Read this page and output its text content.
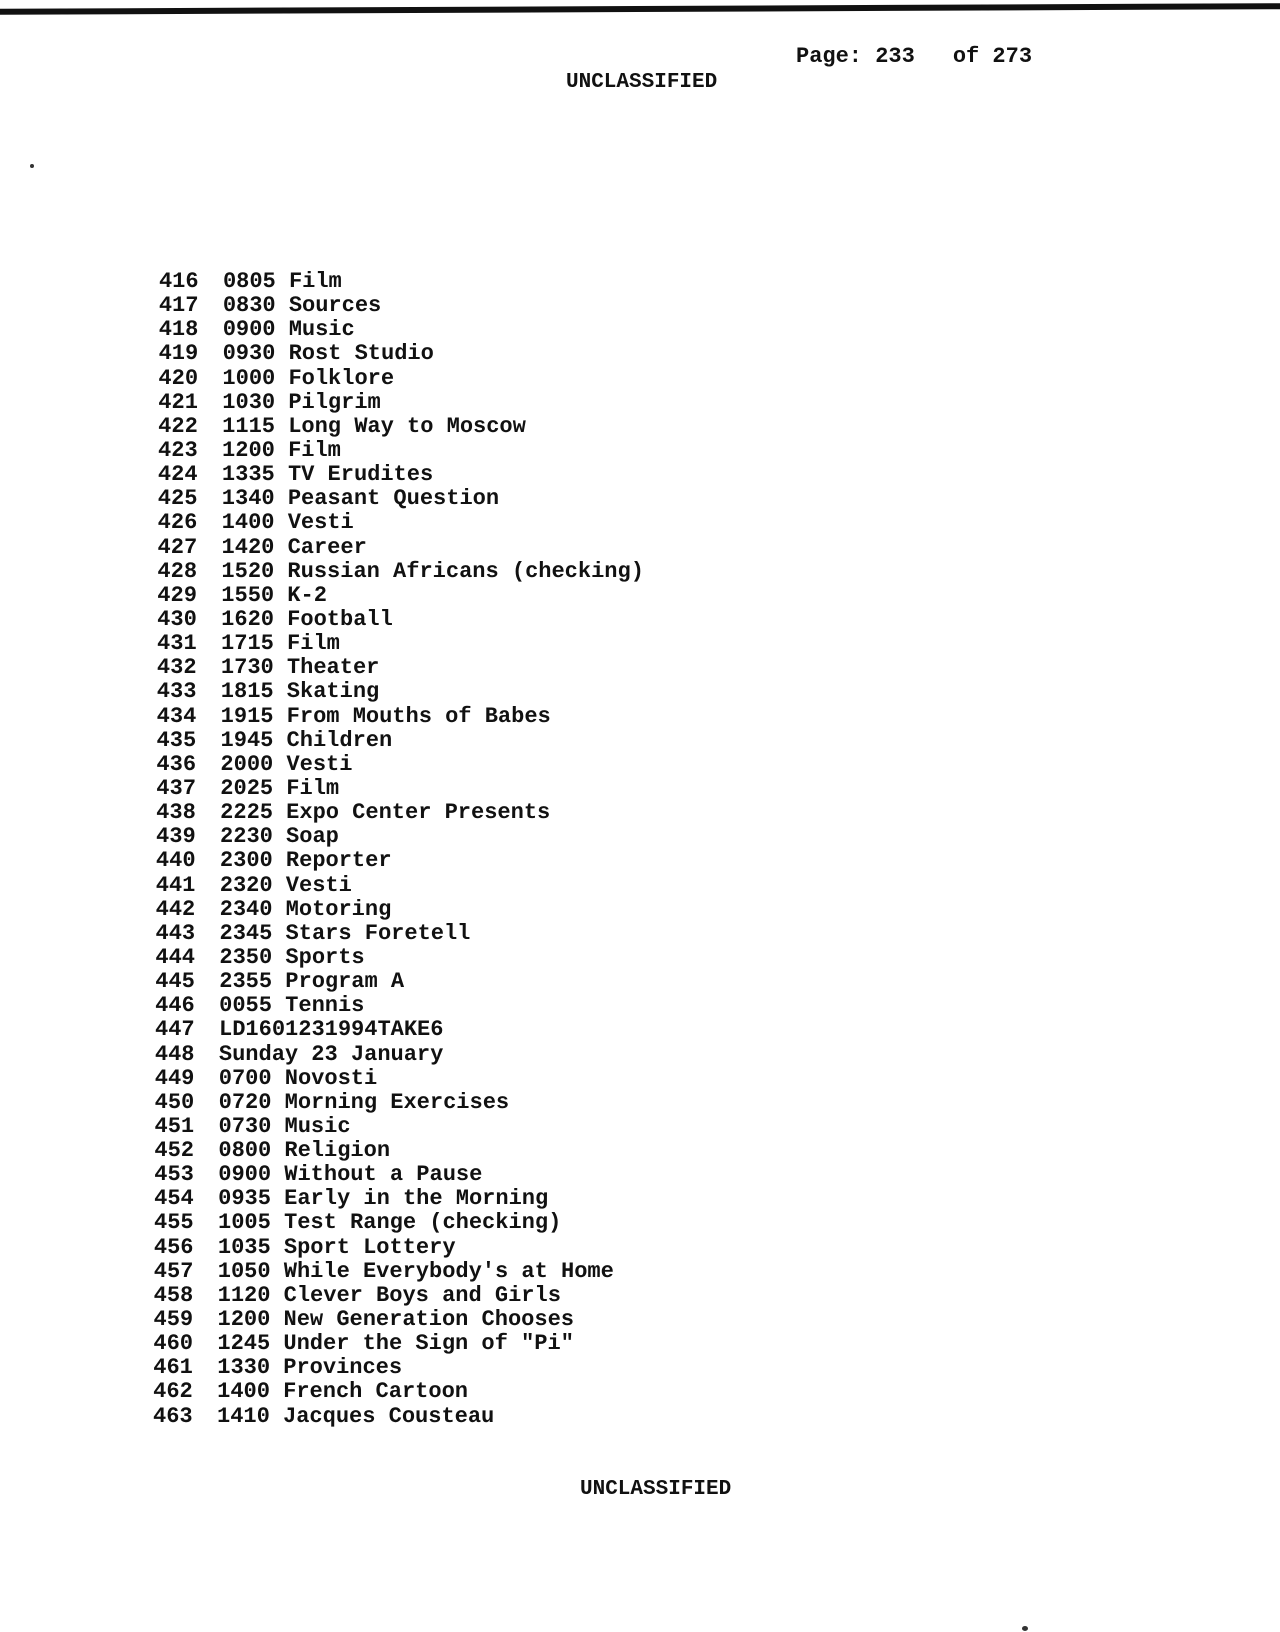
Page: 233 of 273
UNCLASSIFIED
416	0805 Film
417	0830 Sources
418	0900 Music
419	0930 Rost Studio
420	1000 Folklore
421	1030 Pilgrim
422	1115 Long Way to Moscow
423	1200 Film
424	1335 TV Erudites
425	1340 Peasant Question
426	1400 Vesti
427	1420 Career
428	1520 Russian Africans (checking)
429	1550 K-2
430	1620 Football
431	1715 Film
432	1730 Theater
433	1815 Skating
434	1915 From Mouths of Babes
435	1945 Children
436	2000 Vesti
437	2025 Film
438	2225 Expo Center Presents
439	2230 Soap
440	2300 Reporter
441	2320 Vesti
442	2340 Motoring
443	2345 Stars Foretell
444	2350 Sports
445	2355 Program A
446	0055 Tennis
447	LD1601231994TAKE6
448	Sunday 23 January
449	0700 Novosti
450	0720 Morning Exercises
451	0730 Music
452	0800 Religion
453	0900 Without a Pause
454	0935 Early in the Morning
455	1005 Test Range (checking)
456	1035 Sport Lottery
457	1050 While Everybody's at Home
458	1120 Clever Boys and Girls
459	1200 New Generation Chooses
460	1245 Under the Sign of "Pi"
461	1330 Provinces
462	1400 French Cartoon
463	1410 Jacques Cousteau
UNCLASSIFIED
